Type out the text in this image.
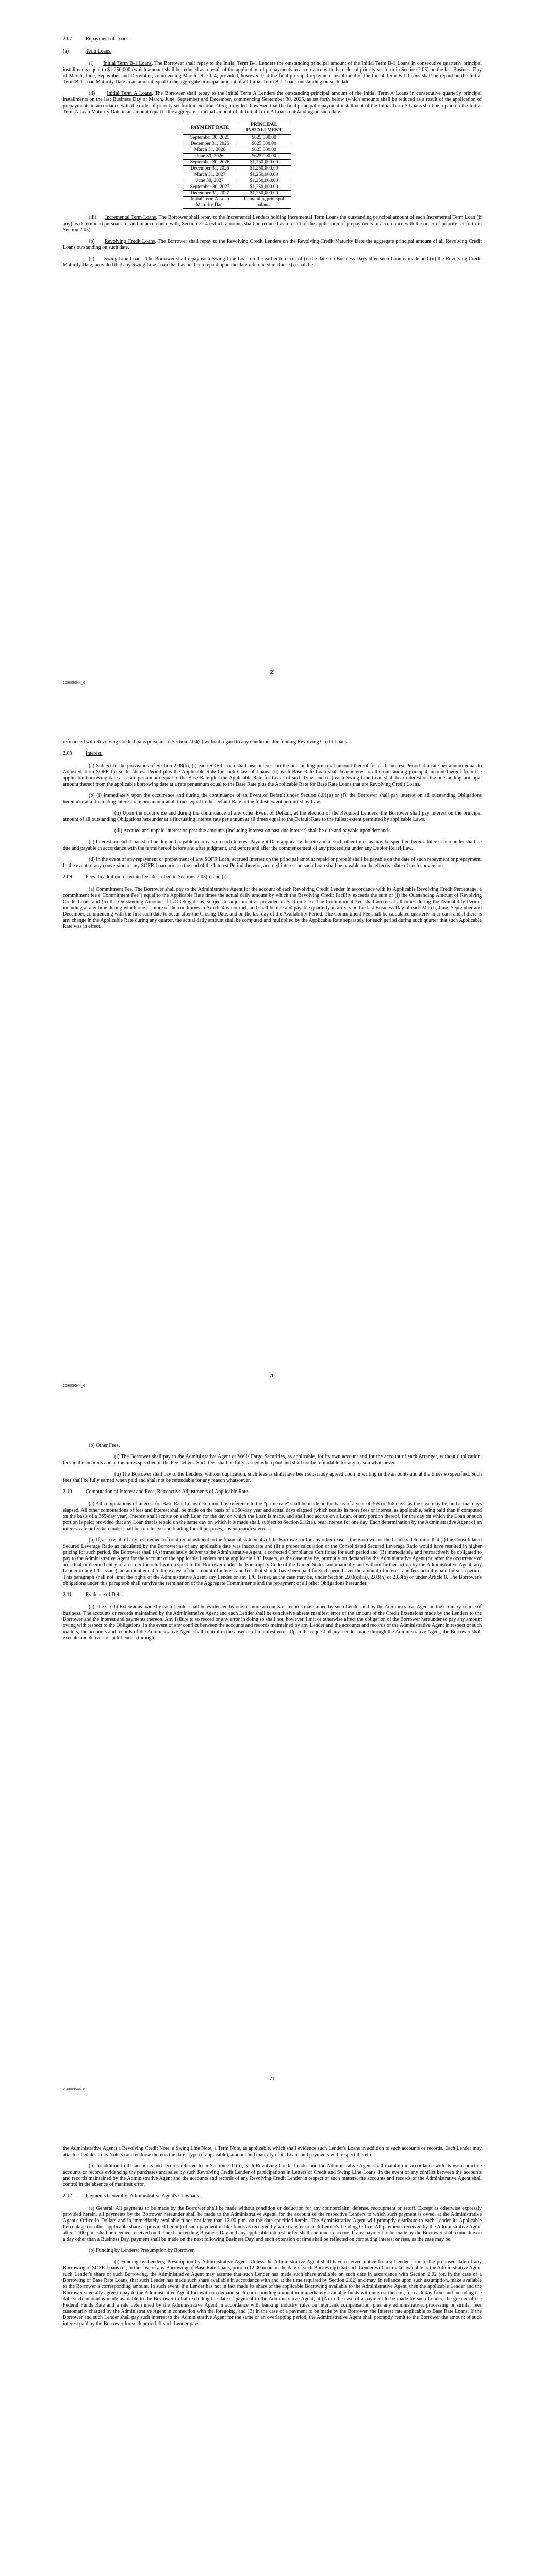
2.07	Repayment of Loans.
(a)	Term Loans.

(i) Initial Term B-1 Loans. The Borrower shall repay to the Initial Term B-1 Lenders the outstanding principal amount of the Initial Term B-1 Loans in consecutive quarterly principal installments equal to $1,250,000 (which amount shall be reduced as a result of the application of prepayments in accordance with the order of priority set forth in Section 2.05) on the last Business Day of March, June, September and December, commencing March 29, 2024; provided, however, that the final principal repayment installment of the Initial Term B-1 Loans shall be repaid on the Initial Term B-1 Loan Maturity Date in an amount equal to the aggregate principal amount of all Initial Term B-1 Loans outstanding on such date.

(ii) Initial Term A Loans. The Borrower shall repay to the Initial Term A Lenders the outstanding principal amount of the Initial Term A Loans in consecutive quarterly principal installments on the last Business Day of March, June, September and December, commencing September 30, 2025, as set forth below (which amounts shall be reduced as a result of the application of prepayments in accordance with the order of priority set forth in Section 2.05); provided, however, that the final principal repayment installment of the Initial Term A Loans shall be repaid on the Initial Term A Loan Maturity Date in an amount equal to the aggregate principal amount of all Initial Term A Loans outstanding on such date:

PAYMENT DATE	PRINCIPAL INSTALLMENT
September 30, 2025	$625,000.00
December 31, 2025	$625,000.00
March 31, 2026	$625,000.00
June 30, 2026	$625,000.00
September 30, 2026	$1,250,000.00
December 31, 2026	$1,250,000.00
March 31, 2027	$1,250,000.00
June 30, 2027	$1,250,000.00
September 30, 2027	$1,250,000.00
December 31, 2027	$1,250,000.00
Initial Term A Loan Maturity Date	Remaining principal balance

(iii) Incremental Term Loans. The Borrower shall repay to the Incremental Lenders holding Incremental Term Loans the outstanding principal amount of each Incremental Term Loan (if any) as determined pursuant to, and in accordance with, Section 2.14 (which amounts shall be reduced as a result of the application of prepayments in accordance with the order of priority set forth in Section 2.05).

(b) Revolving Credit Loans. The Borrower shall repay to the Revolving Credit Lenders on the Revolving Credit Maturity Date the aggregate principal amount of all Revolving Credit Loans outstanding on such date.

(c) Swing Line Loans. The Borrower shall repay each Swing Line Loan on the earlier to occur of (i) the date ten Business Days after such Loan is made and (ii) the Revolving Credit Maturity Date; provided that any Swing Line Loan that has not been repaid upon the date referenced in clause (i) shall be

69
208009544_6

refinanced with Revolving Credit Loans pursuant to Section 2.04(c) without regard to any conditions for funding Revolving Credit Loans.

2.08	Interest.

(a) Subject to the provisions of Section 2.08(b), (i) each SOFR Loan shall bear interest on the outstanding principal amount thereof for each Interest Period at a rate per annum equal to Adjusted Term SOFR for such Interest Period plus the Applicable Rate for such Class of Loans; (ii) each Base Rate Loan shall bear interest on the outstanding principal amount thereof from the applicable borrowing date at a rate per annum equal to the Base Rate plus the Applicable Rate for Loans of such Type; and (iii) each Swing Line Loan shall bear interest on the outstanding principal amount thereof from the applicable borrowing date at a rate per annum equal to the Base Rate plus the Applicable Rate for Base Rate Loans that are Revolving Credit Loans.

(b) (i) Immediately upon the occurrence and during the continuance of an Event of Default under Section 8.01(a) or (f), the Borrower shall pay interest on all outstanding Obligations hereunder at a fluctuating interest rate per annum at all times equal to the Default Rate to the fullest extent permitted by Law.

(ii) Upon the occurrence and during the continuance of any other Event of Default, at the election of the Required Lenders, the Borrower shall pay interest on the principal amount of all outstanding Obligations hereunder at a fluctuating interest rate per annum at all times equal to the Default Rate to the fullest extent permitted by applicable Laws.

(iii) Accrued and unpaid interest on past due amounts (including interest on past due interest) shall be due and payable upon demand.

(c) Interest on each Loan shall be due and payable in arrears on each Interest Payment Date applicable thereto and at such other times as may be specified herein. Interest hereunder shall be due and payable in accordance with the terms hereof before and after judgment, and before and after the commencement of any proceeding under any Debtor Relief Law.

(d) In the event of any repayment or prepayment of any SOFR Loan, accrued interest on the principal amount repaid or prepaid shall be payable on the date of such repayment or prepayment. In the event of any conversion of any SOFR Loan prior to the end of the Interest Period therefor, accrued interest on such Loan shall be payable on the effective date of such conversion.

2.09	Fees. In addition to certain fees described in Sections 2.03(h) and (i):

(a) Commitment Fee. The Borrower shall pay to the Administrative Agent for the account of each Revolving Credit Lender in accordance with its Applicable Revolving Credit Percentage, a commitment fee ("Commitment Fee") equal to the Applicable Rate times the actual daily amount by which the Revolving Credit Facility exceeds the sum of (i) the Outstanding Amount of Revolving Credit Loans and (ii) the Outstanding Amount of L/C Obligations, subject to adjustment as provided in Section 2.16. The Commitment Fee shall accrue at all times during the Availability Period, including at any time during which one or more of the conditions in Article 4 is not met, and shall be due and payable quarterly in arrears on the last Business Day of each March, June, September and December, commencing with the first such date to occur after the Closing Date, and on the last day of the Availability Period. The Commitment Fee shall be calculated quarterly in arrears, and if there is any change in the Applicable Rate during any quarter, the actual daily amount shall be computed and multiplied by the Applicable Rate separately for each period during such quarter that such Applicable Rate was in effect.

70
208009544_6

(b) Other Fees.

(i) The Borrower shall pay to the Administrative Agent or Wells Fargo Securities, as applicable, for its own account and for the account of each Arranger, without duplication, fees in the amounts and at the times specified in the Fee Letters. Such fees shall be fully earned when paid and shall not be refundable for any reason whatsoever.

(ii) The Borrower shall pay to the Lenders, without duplication, such fees as shall have been separately agreed upon in writing in the amounts and at the times so specified. Such fees shall be fully earned when paid and shall not be refundable for any reason whatsoever.

2.10	Computation of Interest and Fees; Retroactive Adjustments of Applicable Rate.

(a) All computations of interest for Base Rate Loans determined by reference to the "prime rate" shall be made on the basis of a year of 365 or 366 days, as the case may be, and actual days elapsed. All other computations of fees and interest shall be made on the basis of a 360-day year and actual days elapsed (which results in more fees or interest, as applicable, being paid than if computed on the basis of a 365-day year). Interest shall accrue on each Loan for the day on which the Loan is made, and shall not accrue on a Loan, or any portion thereof, for the day on which the Loan or such portion is paid; provided that any Loan that is repaid on the same day on which it is made shall, subject to Section 2.12(a), bear interest for one day. Each determination by the Administrative Agent of an interest rate or fee hereunder shall be conclusive and binding for all purposes, absent manifest error.

(b) If, as a result of any restatement of or other adjustment to the financial statements of the Borrower or for any other reason, the Borrower or the Lenders determine that (i) the Consolidated Secured Leverage Ratio as calculated by the Borrower as of any applicable date was inaccurate and (ii) a proper calculation of the Consolidated Secured Leverage Ratio would have resulted in higher pricing for such period, the Borrower shall (A) immediately deliver to the Administrative Agent, a corrected Compliance Certificate for such period and (B) immediately and retroactively be obligated to pay to the Administrative Agent for the account of the applicable Lenders or the applicable L/C Issuers, as the case may be, promptly on demand by the Administrative Agent (or, after the occurrence of an actual or deemed entry of an order for relief with respect to the Borrower under the Bankruptcy Code of the United States, automatically and without further action by the Administrative Agent, any Lender or any L/C Issuer), an amount equal to the excess of the amount of interest and fees that should have been paid for such period over the amount of interest and fees actually paid for such period. This paragraph shall not limit the rights of the Administrative Agent, any Lender or any L/C Issuer, as the case may be, under Section 2.03(c)(iii), 2.03(h) or 2.08(b) or under Article 8. The Borrower's obligations under this paragraph shall survive the termination of the Aggregate Commitments and the repayment of all other Obligations hereunder.

2.11	Evidence of Debt.

(a) The Credit Extensions made by each Lender shall be evidenced by one or more accounts or records maintained by such Lender and by the Administrative Agent in the ordinary course of business. The accounts or records maintained by the Administrative Agent and each Lender shall be conclusive absent manifest error of the amount of the Credit Extensions made by the Lenders to the Borrower and the interest and payments thereon. Any failure to so record or any error in doing so shall not, however, limit or otherwise affect the obligation of the Borrower hereunder to pay any amount owing with respect to the Obligations. In the event of any conflict between the accounts and records maintained by any Lender and the accounts and records of the Administrative Agent in respect of such matters, the accounts and records of the Administrative Agent shall control in the absence of manifest error. Upon the request of any Lender made through the Administrative Agent, the Borrower shall execute and deliver to such Lender (through

71
208009544_6

the Administrative Agent) a Revolving Credit Note, a Swing Line Note, a Term Note, as applicable, which shall evidence such Lender's Loans in addition to such accounts or records. Each Lender may attach schedules to its Note(s) and endorse thereon the date, Type (if applicable), amount and maturity of its Loans and payments with respect thereto.

(b) In addition to the accounts and records referred to in Section 2.11(a), each Revolving Credit Lender and the Administrative Agent shall maintain in accordance with its usual practice accounts or records evidencing the purchases and sales by such Revolving Credit Lender of participations in Letters of Credit and Swing Line Loans. In the event of any conflict between the accounts and records maintained by the Administrative Agent and the accounts and records of any Revolving Credit Lender in respect of such matters, the accounts and records of the Administrative Agent shall control in the absence of manifest error.

2.12	Payments Generally; Administrative Agent's Clawback.

(a) General. All payments to be made by the Borrower shall be made without condition or deduction for any counterclaim, defense, recoupment or setoff. Except as otherwise expressly provided herein, all payments by the Borrower hereunder shall be made to the Administrative Agent, for the account of the respective Lenders to which such payment is owed, at the Administrative Agent's Office in Dollars and in immediately available funds not later than 12:00 p.m. on the date specified herein. The Administrative Agent will promptly distribute to each Lender its Applicable Percentage (or other applicable share as provided herein) of such payment in like funds as received by wire transfer to such Lender's Lending Office. All payments received by the Administrative Agent after 12:00 p.m. shall be deemed received on the next succeeding Business Day and any applicable interest or fee shall continue to accrue. If any payment to be made by the Borrower shall come due on a day other than a Business Day, payment shall be made on the next following Business Day, and such extension of time shall be reflected on computing interest or fees, as the case may be.

(b) Funding by Lenders; Presumption by Borrower.

(i) Funding by Lenders; Presumption by Administrative Agent. Unless the Administrative Agent shall have received notice from a Lender prior to the proposed date of any Borrowing of SOFR Loans (or, in the case of any Borrowing of Base Rate Loans, prior to 12:00 noon on the date of such Borrowing) that such Lender will not make available to the Administrative Agent such Lender's share of such Borrowing, the Administrative Agent may assume that such Lender has made such share available on such date in accordance with Section 2.02 (or, in the case of a Borrowing of Base Rate Loans, that such Lender has made such share available in accordance with and at the time required by Section 2.02) and may, in reliance upon such assumption, make available to the Borrower a corresponding amount. In such event, if a Lender has not in fact made its share of the applicable Borrowing available to the Administrative Agent, then the applicable Lender and the Borrower severally agree to pay to the Administrative Agent forthwith on demand such corresponding amount in immediately available funds with interest thereon, for each day from and including the date such amount is made available to the Borrower to but excluding the date of payment to the Administrative Agent, at (A) in the case of a payment to be made by such Lender, the greater of the Federal Funds Rate and a rate determined by the Administrative Agent in accordance with banking industry rules on interbank compensation, plus any administrative, processing or similar fees customarily charged by the Administrative Agent in connection with the foregoing, and (B) in the case of a payment to be made by the Borrower, the interest rate applicable to Base Rate Loans. If the Borrower and such Lender shall pay such interest to the Administrative Agent for the same or an overlapping period, the Administrative Agent shall promptly remit to the Borrower the amount of such interest paid by the Borrower for such period. If such Lender pays
